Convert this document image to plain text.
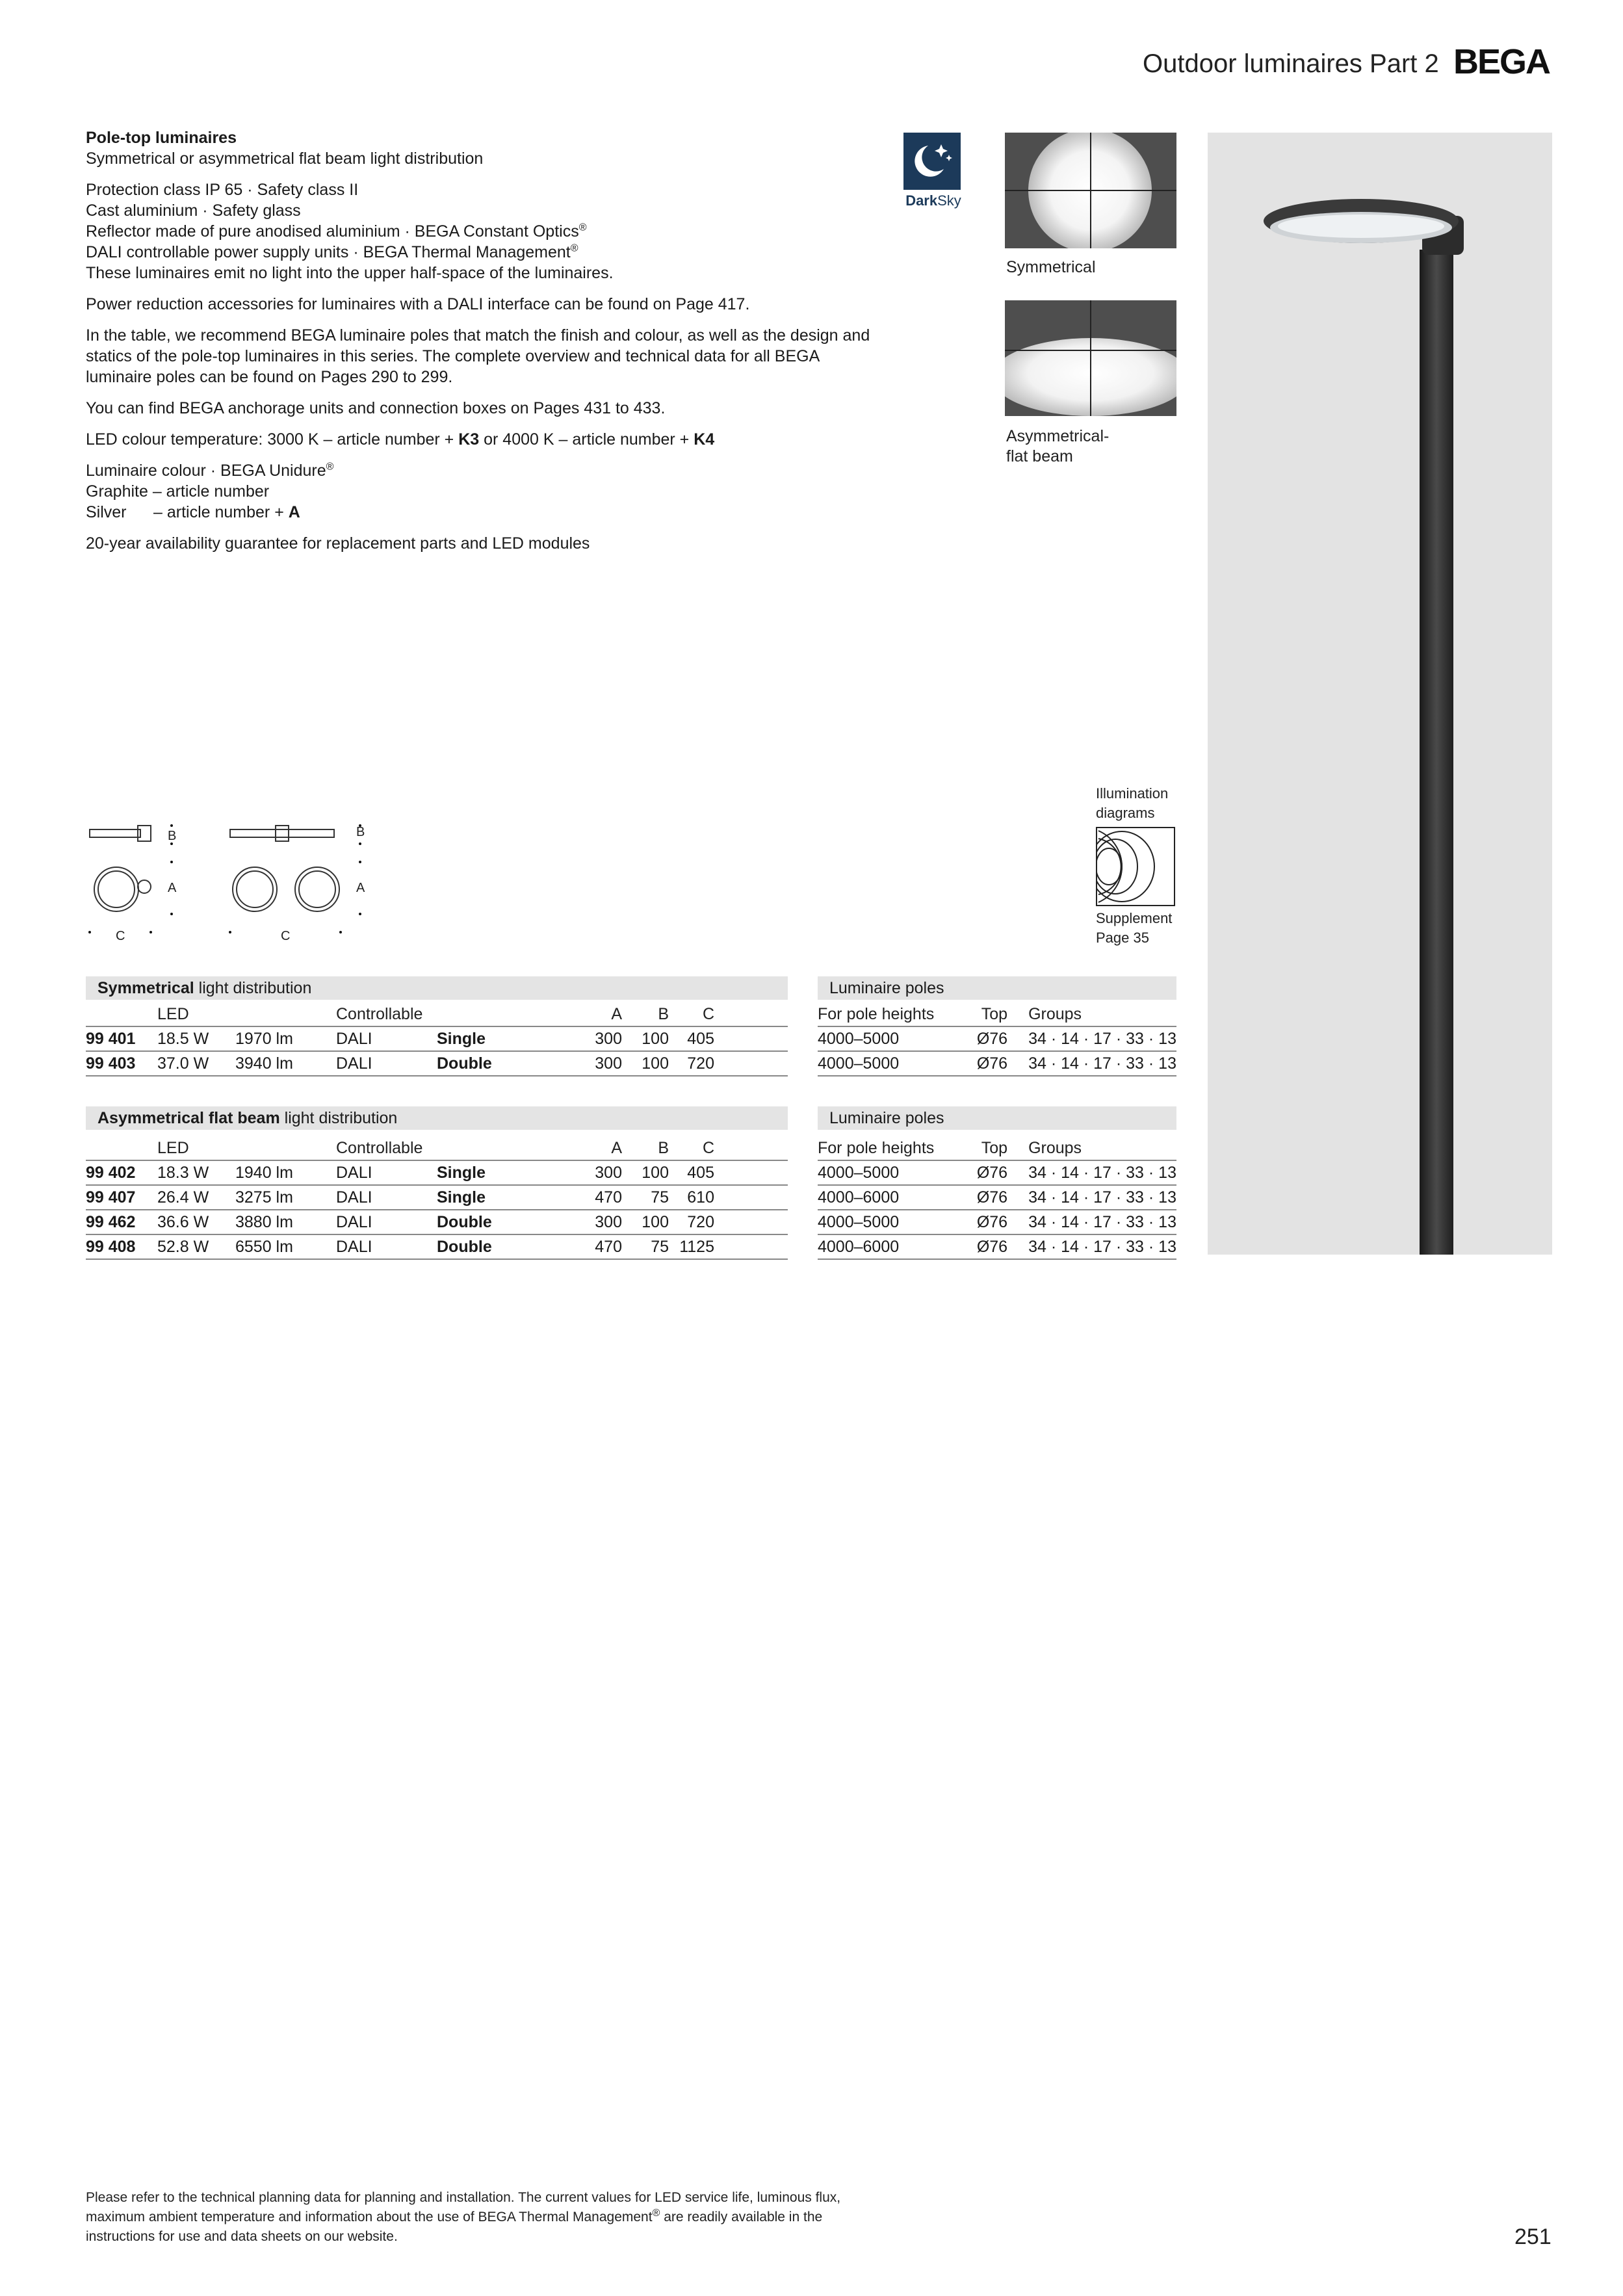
Outdoor luminaires Part 2 BEGA

Pole-top luminaires
Symmetrical or asymmetrical flat beam light distribution

Protection class IP 65 · Safety class II
Cast aluminium · Safety glass
Reflector made of pure anodised aluminium · BEGA Constant Optics®
DALI controllable power supply units · BEGA Thermal Management®
These luminaires emit no light into the upper half-space of the luminaires.

Power reduction accessories for luminaires with a DALI interface can be found on Page 417.

In the table, we recommend BEGA luminaire poles that match the finish and colour, as well as the design and statics of the pole-top luminaires in this series. The complete overview and technical data for all BEGA luminaire poles can be found on Pages 290 to 299.

You can find BEGA anchorage units and connection boxes on Pages 431 to 433.

LED colour temperature: 3000 K – article number + K3 or 4000 K – article number + K4

Luminaire colour · BEGA Unidure®
Graphite – article number
Silver – article number + A

20-year availability guarantee for replacement parts and LED modules

DarkSky
Symmetrical
Asymmetrical-
flat beam
B
A
C
B
A
C
Illumination
diagrams
Supplement
Page 35
Symmetrical light distribution
	LED		Controllable		A	B	C	
99 401	18.5 W	1970 lm	DALI	Single	300	100	405	
99 403	37.0 W	3940 lm	DALI	Double	300	100	720	
Luminaire poles
For pole heights	Top	Groups
4000–5000	Ø76	34 · 14 · 17 · 33 · 13
4000–5000	Ø76	34 · 14 · 17 · 33 · 13
Asymmetrical flat beam light distribution
	LED		Controllable		A	B	C	
99 402	18.3 W	1940 lm	DALI	Single	300	100	405	
99 407	26.4 W	3275 lm	DALI	Single	470	75	610	
99 462	36.6 W	3880 lm	DALI	Double	300	100	720	
99 408	52.8 W	6550 lm	DALI	Double	470	75	1125	
Luminaire poles
For pole heights	Top	Groups
4000–5000	Ø76	34 · 14 · 17 · 33 · 13
4000–6000	Ø76	34 · 14 · 17 · 33 · 13
4000–5000	Ø76	34 · 14 · 17 · 33 · 13
4000–6000	Ø76	34 · 14 · 17 · 33 · 13
Please refer to the technical planning data for planning and installation. The current values for LED service life, luminous flux,
maximum ambient temperature and information about the use of BEGA Thermal Management® are readily available in the
instructions for use and data sheets on our website.	251
